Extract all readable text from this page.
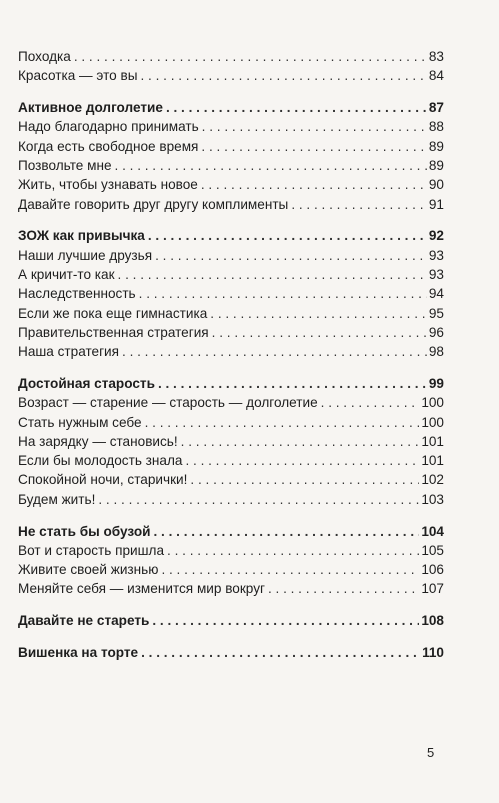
Походка . . .	83
Красотка — это вы . . .	84
Активное долголетие . . .	87
Надо благодарно принимать . . .	88
Когда есть свободное время . . .	89
Позвольте мне . . .	89
Жить, чтобы узнавать новое . . .	90
Давайте говорить друг другу комплименты . . .	91
ЗОЖ как привычка . . .	92
Наши лучшие друзья . . .	93
А кричит-то как . . .	93
Наследственность . . .	94
Если же пока еще гимнастика . . .	95
Правительственная стратегия . . .	96
Наша стратегия . . .	98
Достойная старость . . .	99
Возраст — старение — старость — долголетие . . .	100
Стать нужным себе . . .	100
На зарядку — становись! . . .	101
Если бы молодость знала . . .	101
Спокойной ночи, старички! . . .	102
Будем жить! . . .	103
Не стать бы обузой . . .	104
Вот и старость пришла . . .	105
Живите своей жизнью . . .	106
Меняйте себя — изменится мир вокруг . . .	107
Давайте не стареть . . .	108
Вишенка на торте . . .	110
5
